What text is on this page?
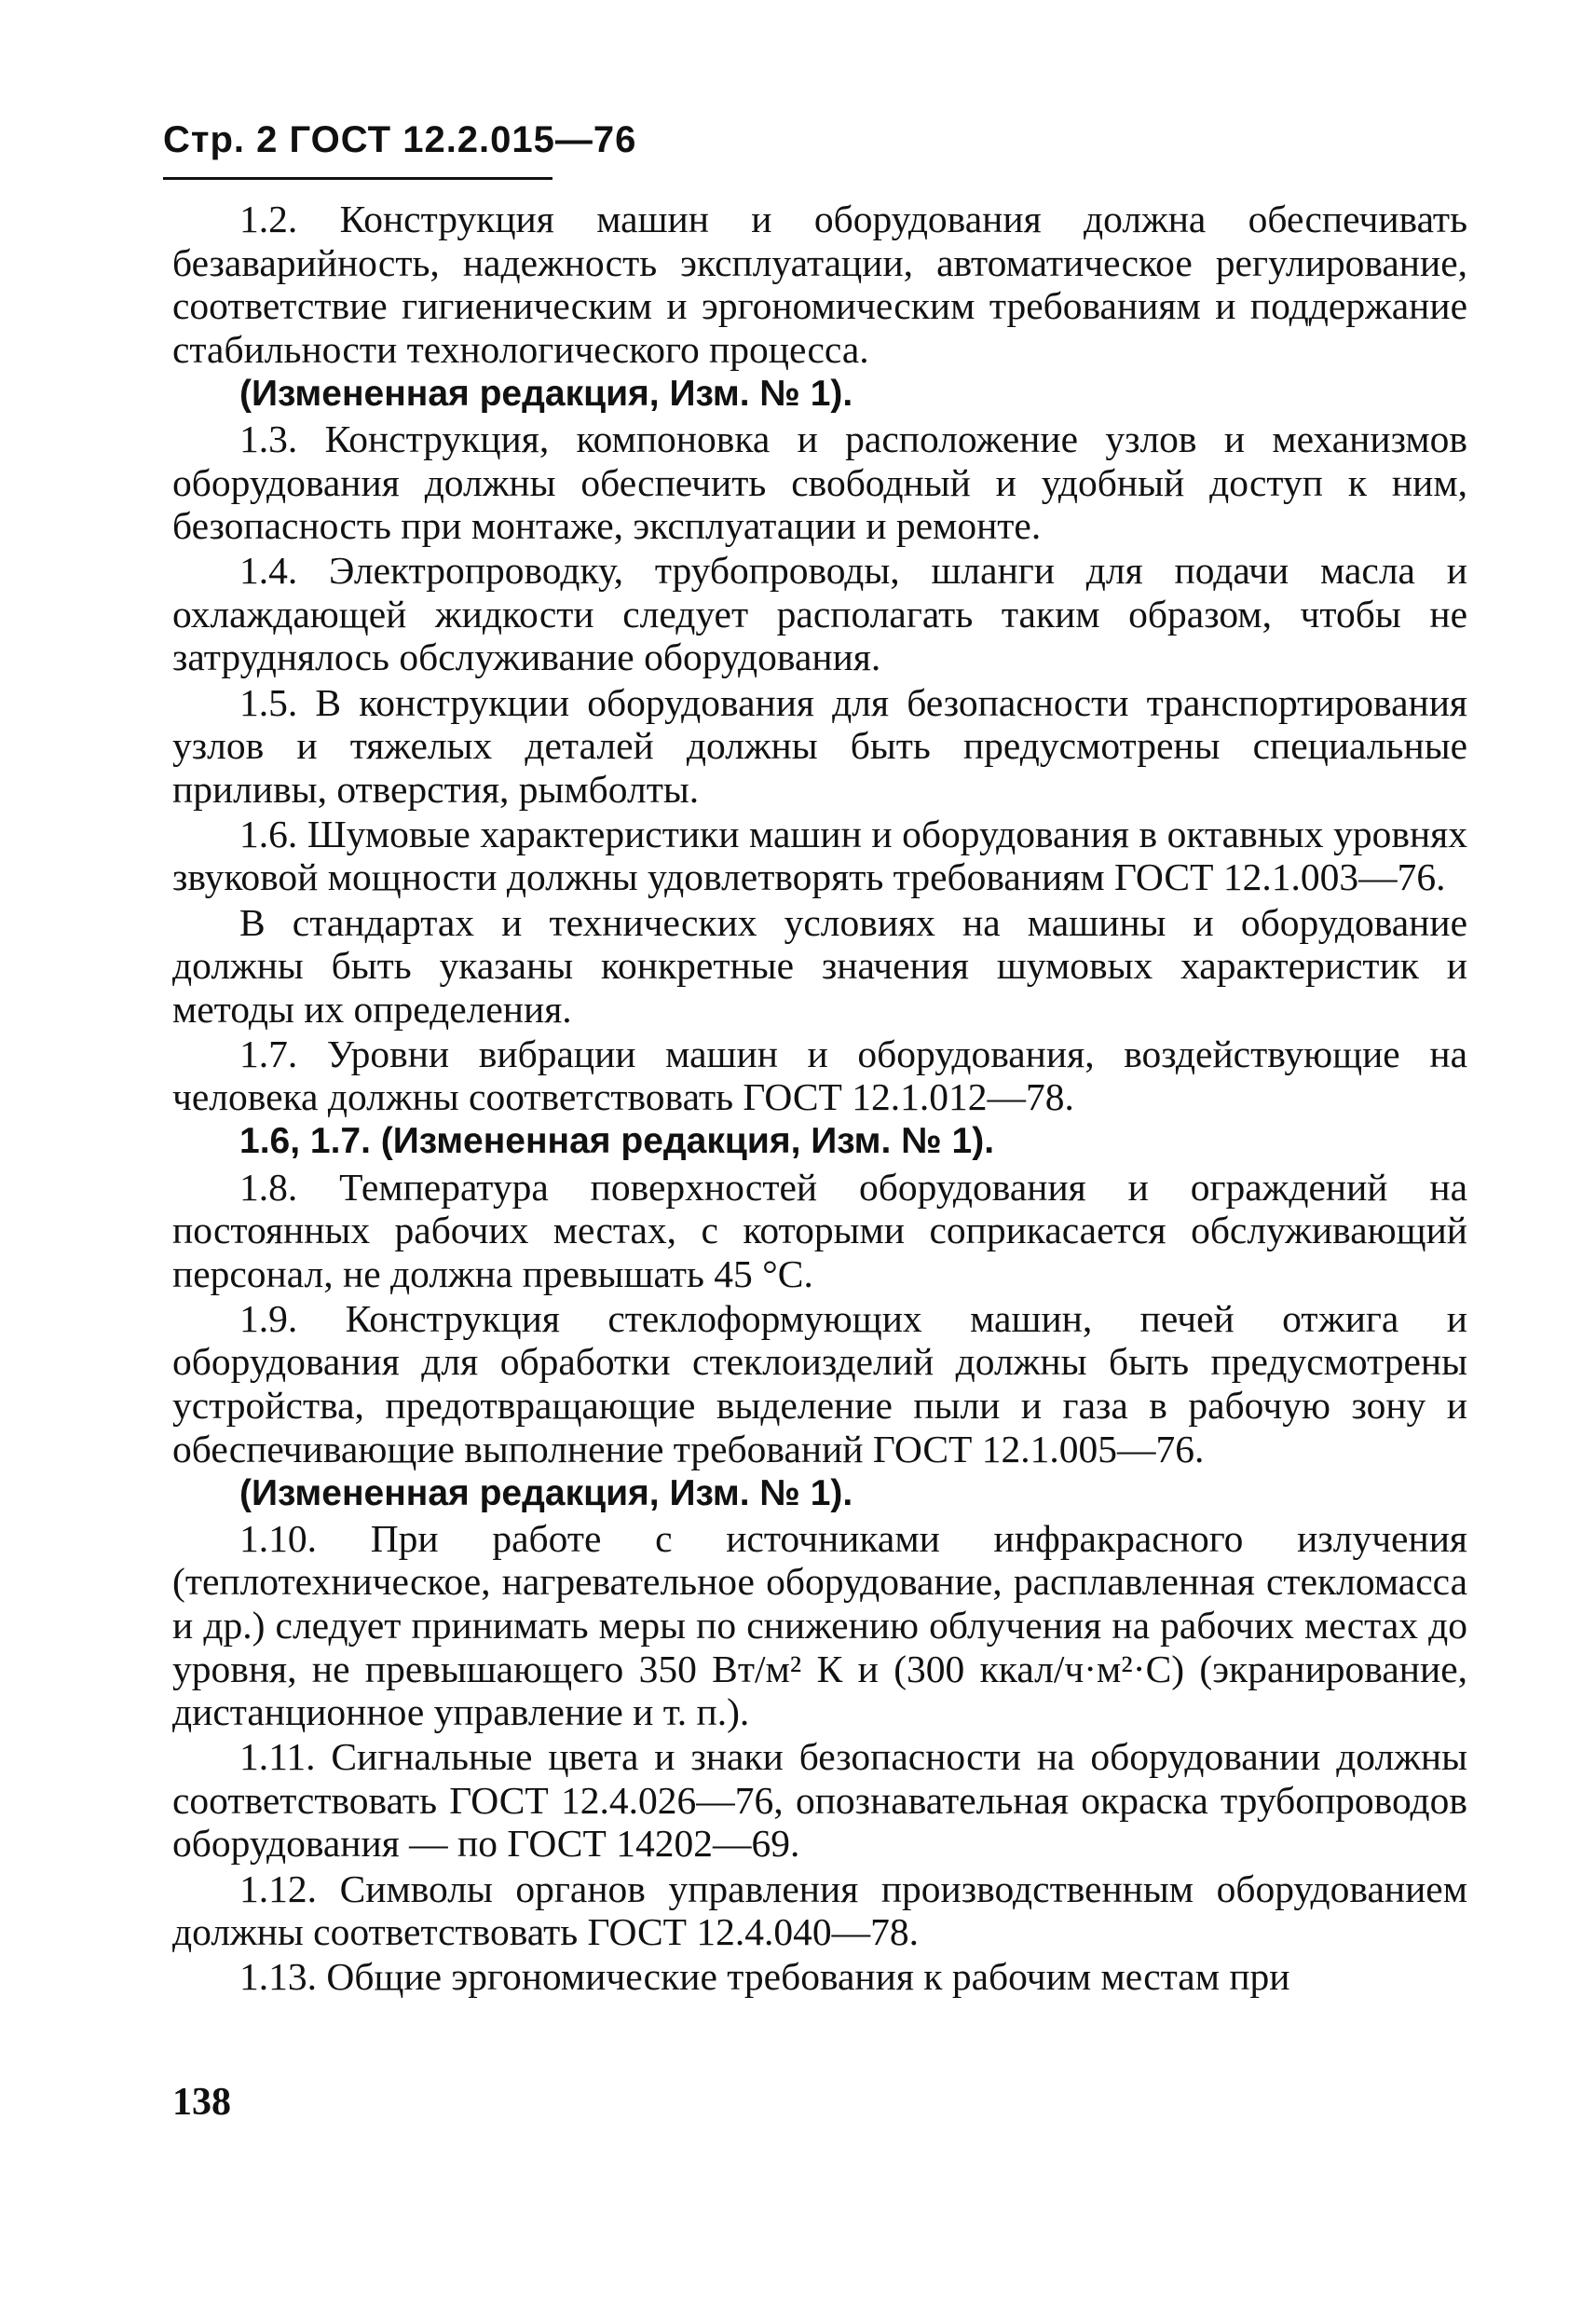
Стр. 2 ГОСТ 12.2.015—76

1.2. Конструкция машин и оборудования должна обеспечивать безаварийность, надежность эксплуатации, автоматическое регулирование, соответствие гигиеническим и эргономическим требованиям и поддержание стабильности технологического процесса.

(Измененная редакция, Изм. № 1).

1.3. Конструкция, компоновка и расположение узлов и механизмов оборудования должны обеспечить свободный и удобный доступ к ним, безопасность при монтаже, эксплуатации и ремонте.

1.4. Электропроводку, трубопроводы, шланги для подачи масла и охлаждающей жидкости следует располагать таким образом, чтобы не затруднялось обслуживание оборудования.

1.5. В конструкции оборудования для безопасности транспортирования узлов и тяжелых деталей должны быть предусмотрены специальные приливы, отверстия, рымболты.

1.6. Шумовые характеристики машин и оборудования в октавных уровнях звуковой мощности должны удовлетворять требованиям ГОСТ 12.1.003—76.

В стандартах и технических условиях на машины и оборудование должны быть указаны конкретные значения шумовых характеристик и методы их определения.

1.7. Уровни вибрации машин и оборудования, воздействующие на человека должны соответствовать ГОСТ 12.1.012—78.

1.6, 1.7. (Измененная редакция, Изм. № 1).

1.8. Температура поверхностей оборудования и ограждений на постоянных рабочих местах, с которыми соприкасается обслуживающий персонал, не должна превышать 45 °С.

1.9. Конструкция стеклоформующих машин, печей отжига и оборудования для обработки стеклоизделий должны быть предусмотрены устройства, предотвращающие выделение пыли и газа в рабочую зону и обеспечивающие выполнение требований ГОСТ 12.1.005—76.

(Измененная редакция, Изм. № 1).

1.10. При работе с источниками инфракрасного излучения (теплотехническое, нагревательное оборудование, расплавленная стекломасса и др.) следует принимать меры по снижению облучения на рабочих местах до уровня, не превышающего 350 Вт/м² К и (300 ккал/ч·м²·С) (экранирование, дистанционное управление и т. п.).

1.11. Сигнальные цвета и знаки безопасности на оборудовании должны соответствовать ГОСТ 12.4.026—76, опознавательная окраска трубопроводов оборудования — по ГОСТ 14202—69.

1.12. Символы органов управления производственным оборудованием должны соответствовать ГОСТ 12.4.040—78.

1.13. Общие эргономические требования к рабочим местам при

138
